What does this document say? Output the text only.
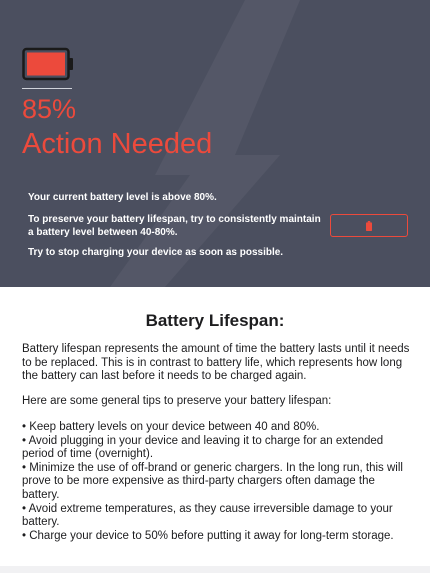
85%
Action Needed

Your current battery level is above 80%.

To preserve your battery lifespan, try to consistently maintain a battery level between 40-80%.

Try to stop charging your device as soon as possible.

Battery Lifespan:

Battery lifespan represents the amount of time the battery lasts until it needs to be replaced. This is in contrast to battery life, which represents how long the battery can last before it needs to be charged again.

Here are some general tips to preserve your battery lifespan:

• Keep battery levels on your device between 40 and 80%.
• Avoid plugging in your device and leaving it to charge for an extended period of time (overnight).
• Minimize the use of off-brand or generic chargers. In the long run, this will prove to be more expensive as third-party chargers often damage the battery.
• Avoid extreme temperatures, as they cause irreversible damage to your battery.
• Charge your device to 50% before putting it away for long-term storage.
